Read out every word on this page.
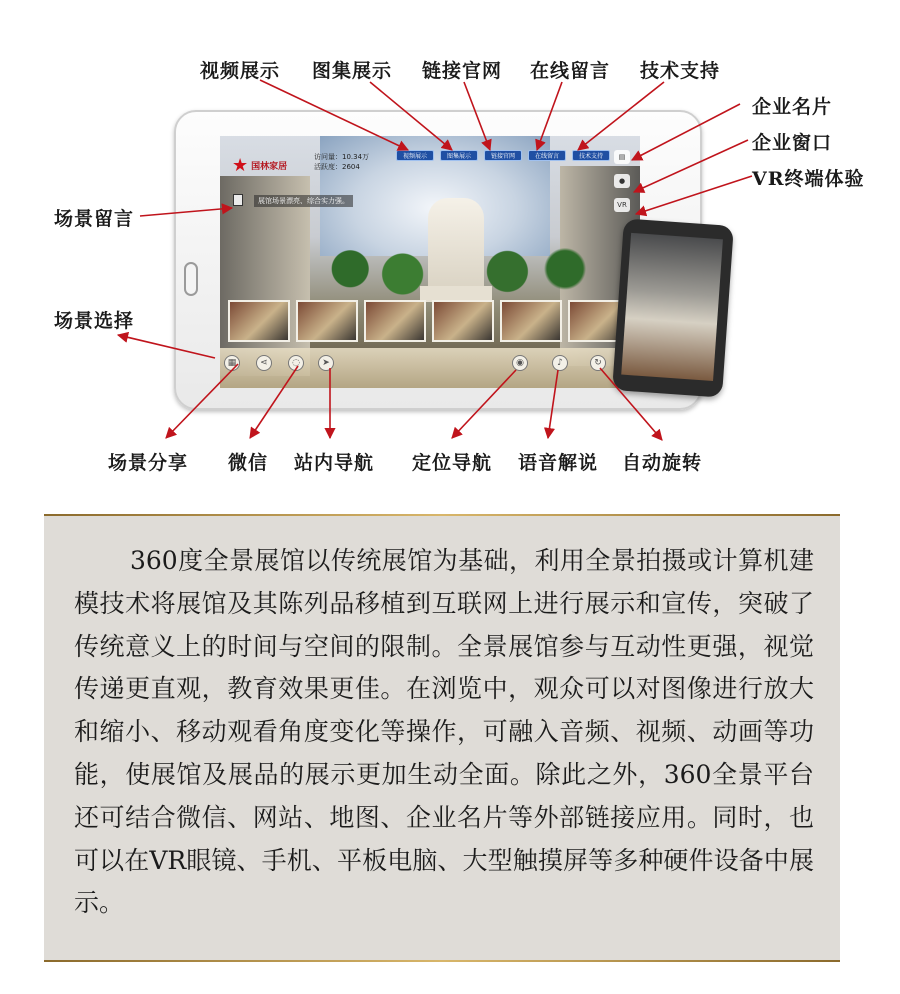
★ 国林家居
访问量：10.34万
活跃度：2604
视频展示	图集展示	链接官网	在线留言	技术支持
展馆场景漂亮、综合实力强。
▤
●
VR
▦	⋖	◌	➤	◉	♪	↻
视频展示 图集展示 链接官网 在线留言 技术支持
企业名片
企业窗口
VR终端体验
场景留言
场景选择
场景分享 微信 站内导航 定位导航 语音解说 自动旋转

360度全景展馆以传统展馆为基础，利用全景拍摄或计算机建模技术将展馆及其陈列品移植到互联网上进行展示和宣传，突破了传统意义上的时间与空间的限制。全景展馆参与互动性更强，视觉传递更直观，教育效果更佳。在浏览中，观众可以对图像进行放大和缩小、移动观看角度变化等操作，可融入音频、视频、动画等功能，使展馆及展品的展示更加生动全面。除此之外，360全景平台还可结合微信、网站、地图、企业名片等外部链接应用。同时，也可以在VR眼镜、手机、平板电脑、大型触摸屏等多种硬件设备中展示。
